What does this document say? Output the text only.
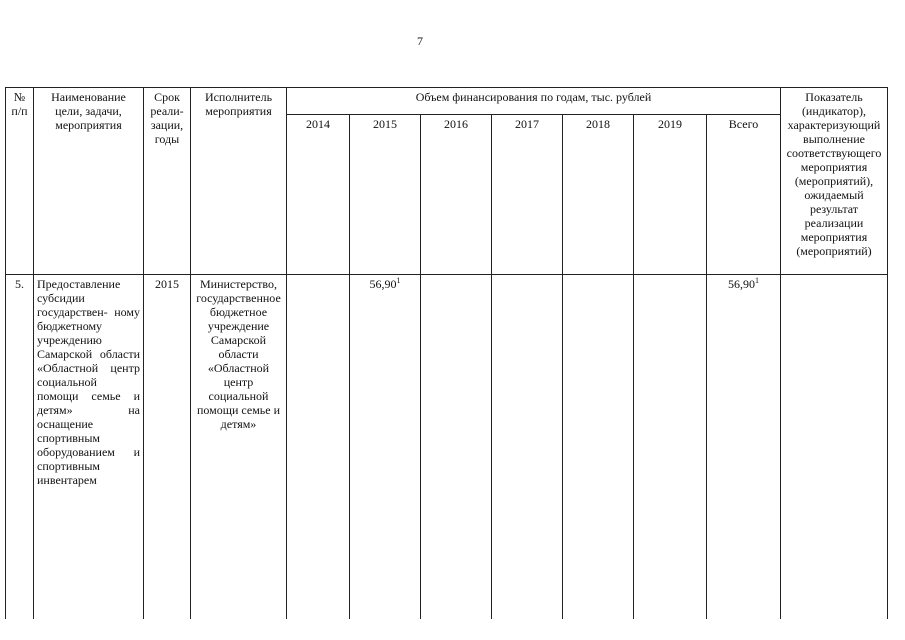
7
№ п/п	Наименование цели, задачи, мероприятия	Срок реали- зации, годы	Исполнитель мероприятия	Объем финансирования по годам, тыс. рублей							Показатель (индикатор), характеризующий выполнение соответствующего мероприятия (мероприятий), ожидаемый результат реализации мероприятия (мероприятий)
				2014	2015	2016	2017	2018	2019	Всего	
5.	Предоставление субсидии государствен- ному бюджетному учреждению Самарской области «Областной центр социальной помощи семье и детям» на оснащение спортивным оборудованием и спортивным инвентарем	2015	Министерство, государственное бюджетное учреждение Самарской области «Областной центр социальной помощи семье и детям»		56,90$^1$					56,90$^1$	
